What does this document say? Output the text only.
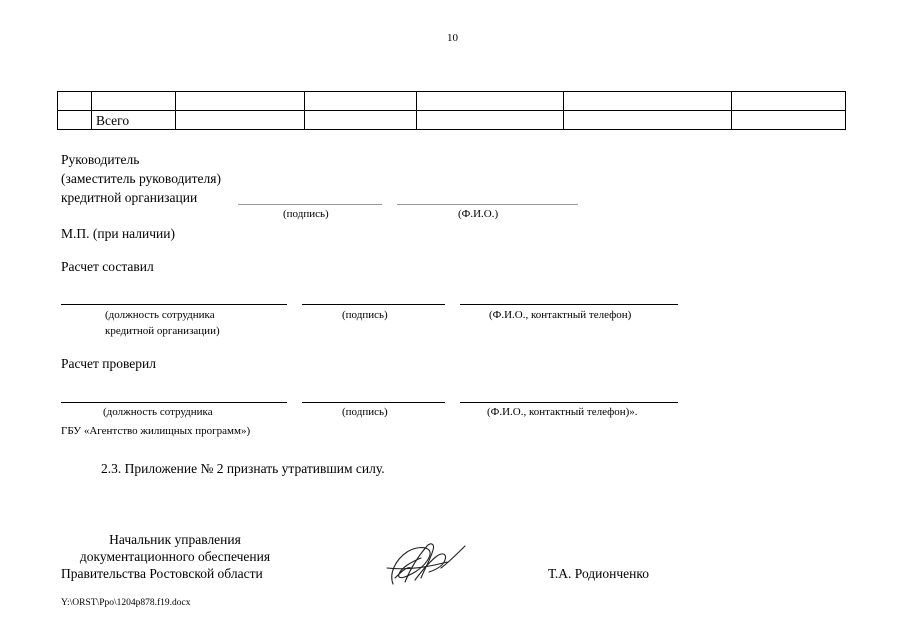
10

	Всего					
Руководитель
(заместитель руководителя)
кредитной организации
(подпись)	(Ф.И.О.)
М.П. (при наличии)
Расчет составил
(должность сотрудника
кредитной организации)
(подпись)	(Ф.И.О., контактный телефон)
Расчет проверил
(должность сотрудника
ГБУ «Агентство жилищных программ»)
(подпись)	(Ф.И.О., контактный телефон)».
2.3. Приложение № 2 признать утратившим силу.
Начальник управления
документационного обеспечения
Правительства Ростовской области	Т.А. Родионченко
Y:\ORST\Ppo\1204p878.f19.docx
